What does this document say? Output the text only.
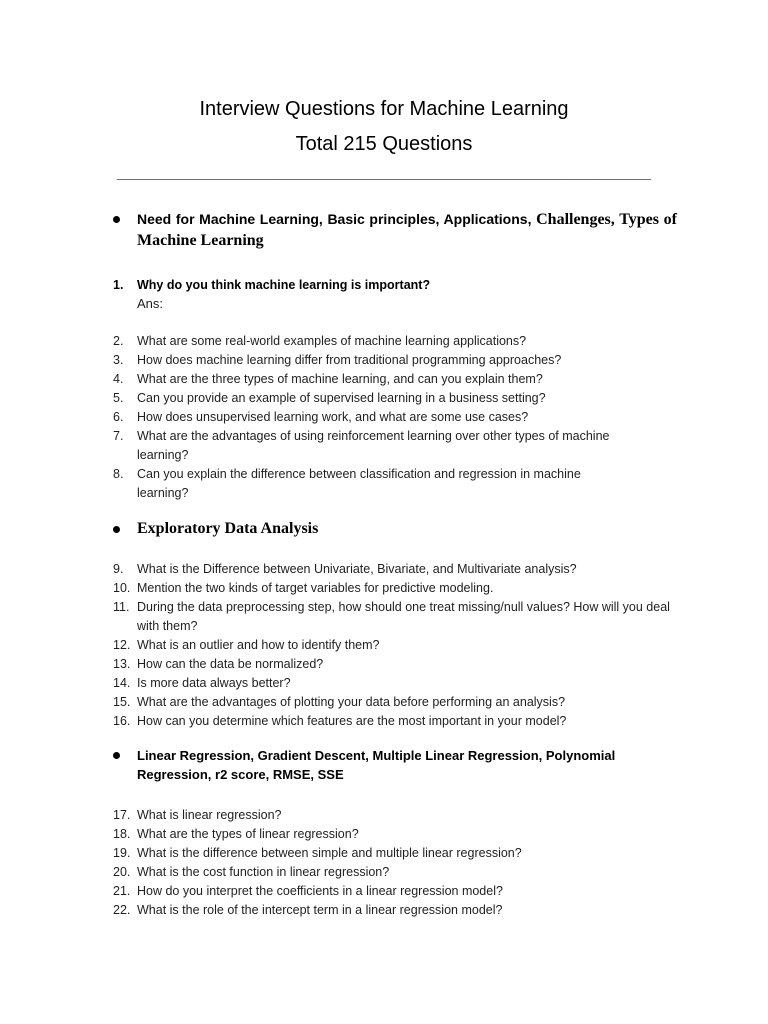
Interview Questions for Machine Learning
Total 215 Questions
________________________________________________________________
Need for Machine Learning, Basic principles, Applications, Challenges, Types of Machine Learning
1. Why do you think machine learning is important?
Ans:
2. What are some real-world examples of machine learning applications?
3. How does machine learning differ from traditional programming approaches?
4. What are the three types of machine learning, and can you explain them?
5. Can you provide an example of supervised learning in a business setting?
6. How does unsupervised learning work, and what are some use cases?
7. What are the advantages of using reinforcement learning over other types of machine learning?
8. Can you explain the difference between classification and regression in machine learning?
Exploratory Data Analysis
9. What is the Difference between Univariate, Bivariate, and Multivariate analysis?
10. Mention the two kinds of target variables for predictive modeling.
11. During the data preprocessing step, how should one treat missing/null values? How will you deal with them?
12. What is an outlier and how to identify them?
13. How can the data be normalized?
14. Is more data always better?
15. What are the advantages of plotting your data before performing an analysis?
16. How can you determine which features are the most important in your model?
Linear Regression, Gradient Descent, Multiple Linear Regression, Polynomial Regression, r2 score, RMSE, SSE
17. What is linear regression?
18. What are the types of linear regression?
19. What is the difference between simple and multiple linear regression?
20. What is the cost function in linear regression?
21. How do you interpret the coefficients in a linear regression model?
22. What is the role of the intercept term in a linear regression model?
